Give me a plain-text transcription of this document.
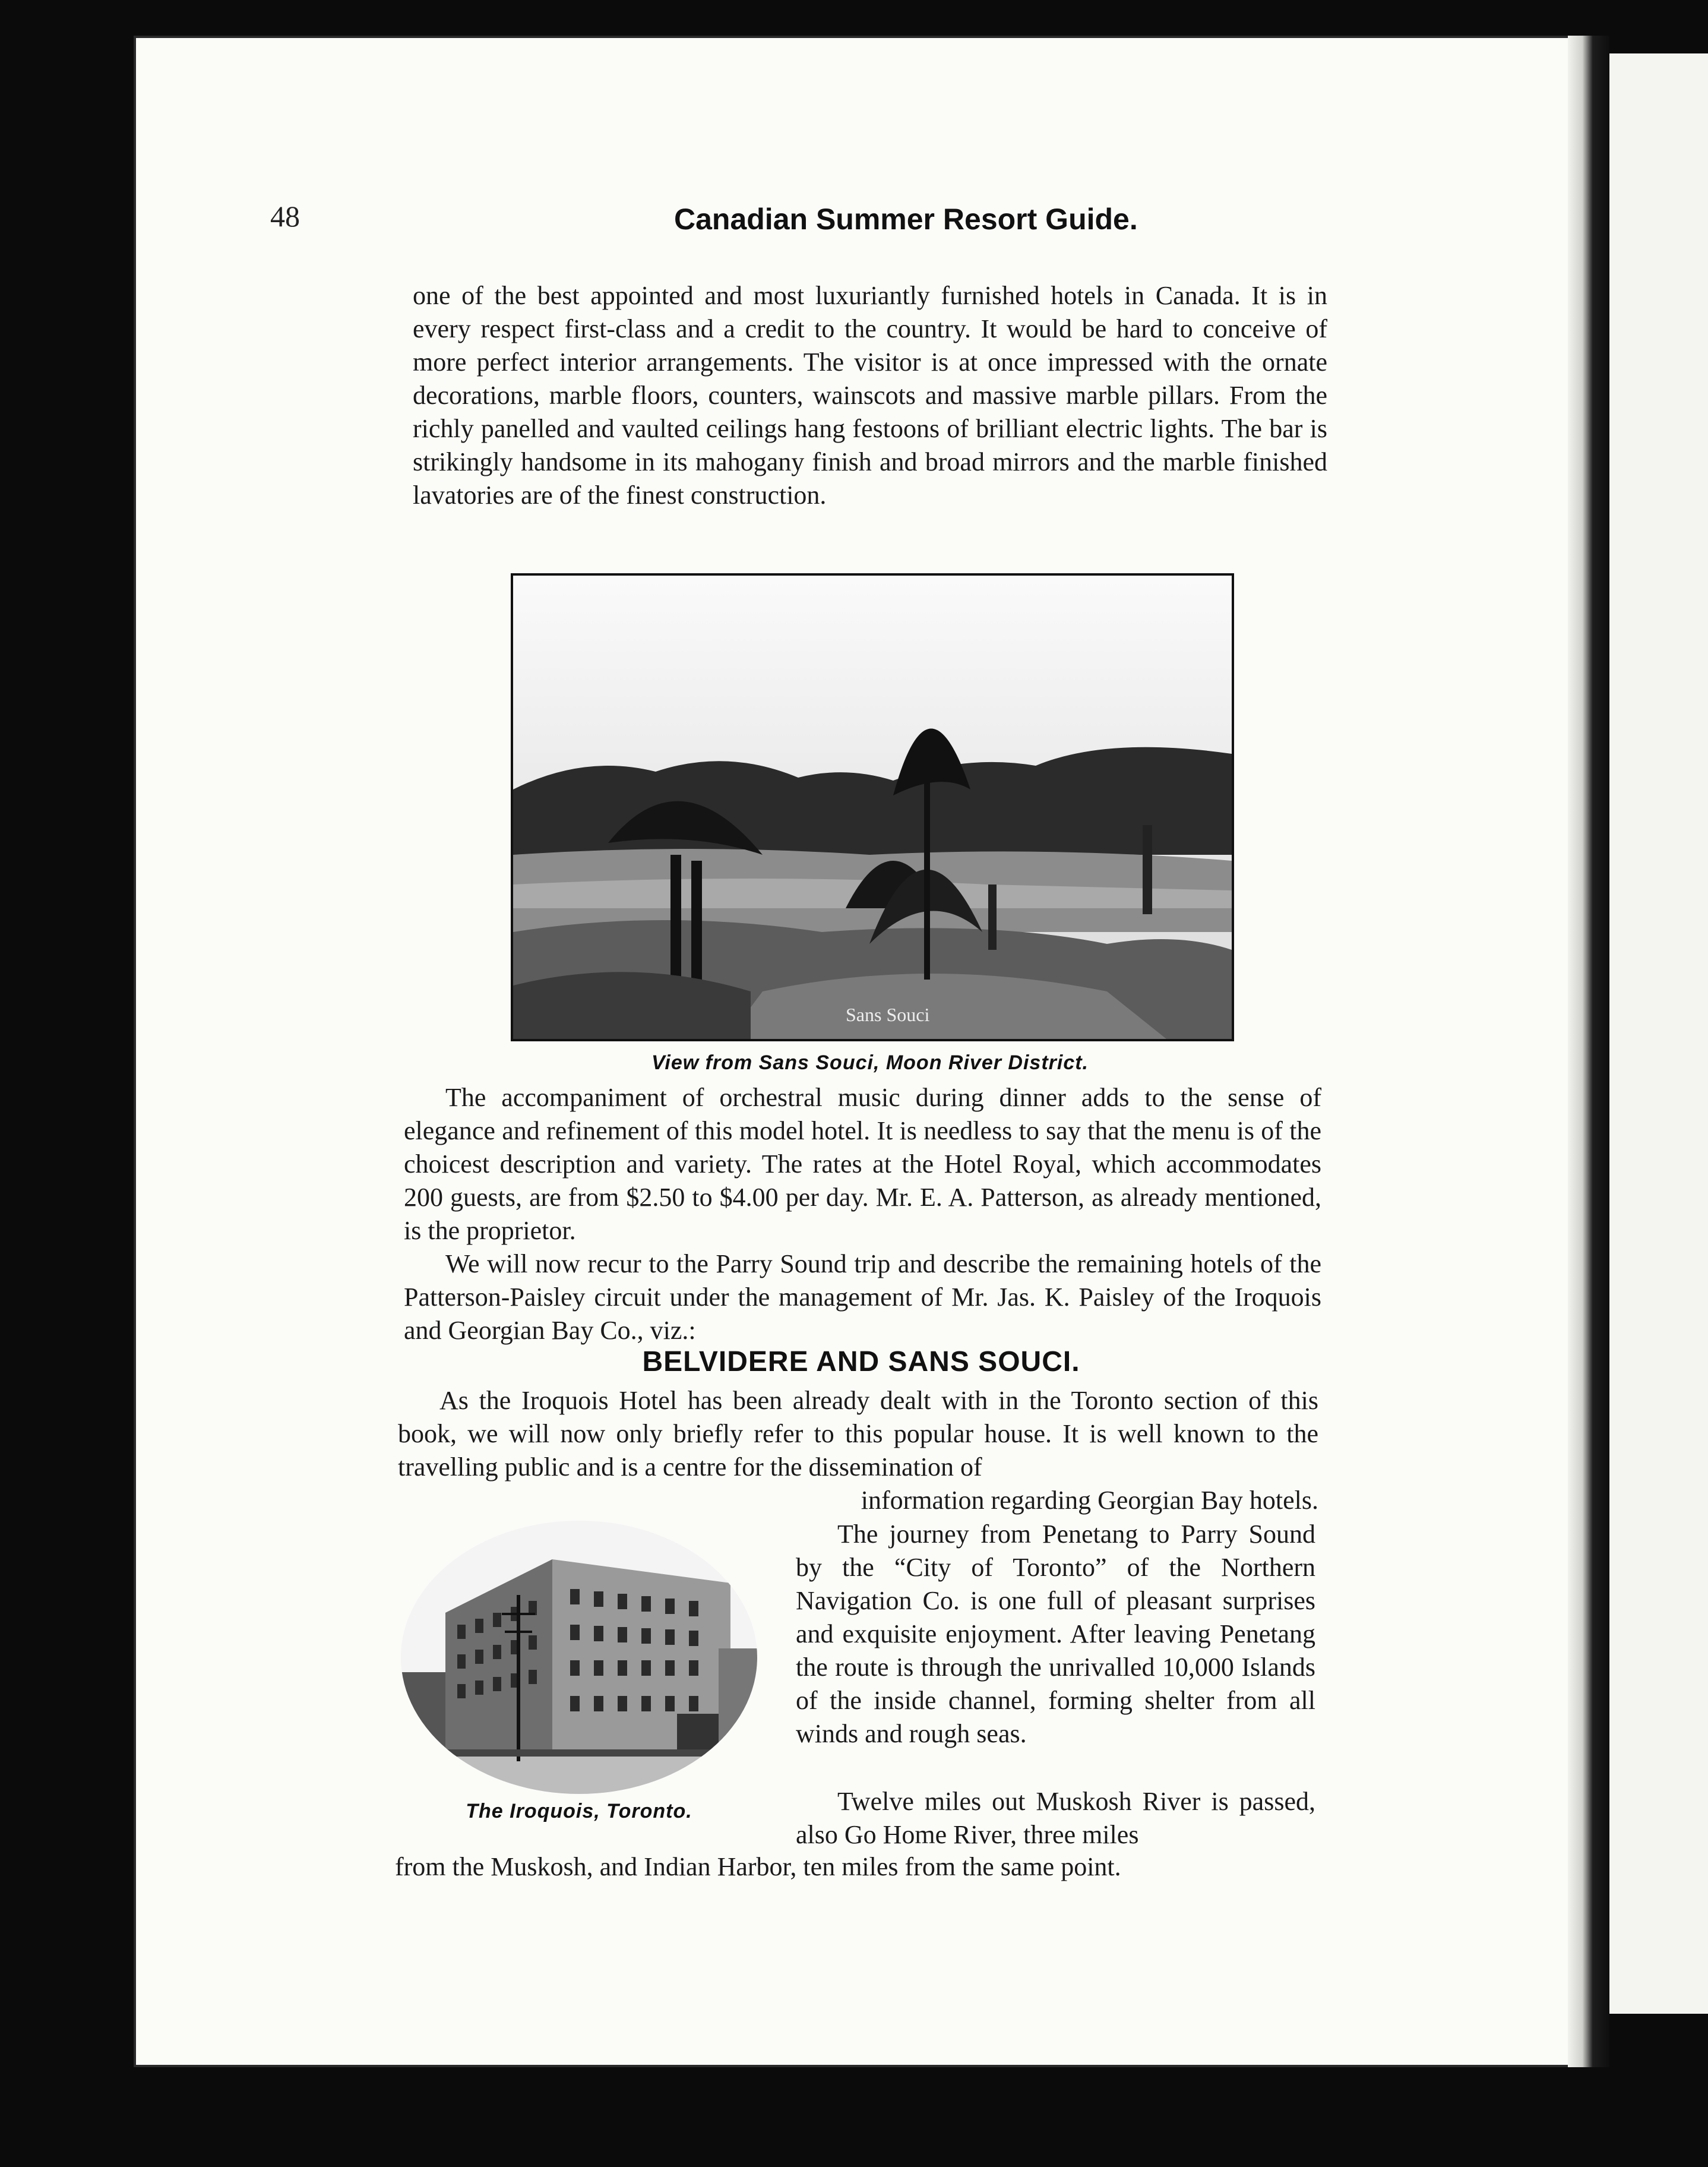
48	Canadian Summer Resort Guide.

one of the best appointed and most luxuriantly furnished hotels in Canada. It is in every respect first-class and a credit to the country. It would be hard to conceive of more perfect interior arrangements. The visitor is at once impressed with the ornate decorations, marble floors, counters, wainscots and massive marble pillars. From the richly panelled and vaulted ceilings hang festoons of brilliant electric lights. The bar is strikingly handsome in its mahogany finish and broad mirrors and the marble finished lavatories are of the finest construction.

Sans Souci
View from Sans Souci, Moon River District.

The accompaniment of orchestral music during dinner adds to the sense of elegance and refinement of this model hotel. It is needless to say that the menu is of the choicest description and variety. The rates at the Hotel Royal, which accommodates 200 guests, are from $2.50 to $4.00 per day. Mr. E. A. Patterson, as already mentioned, is the proprietor.

We will now recur to the Parry Sound trip and describe the remaining hotels of the Patterson-Paisley circuit under the management of Mr. Jas. K. Paisley of the Iroquois and Georgian Bay Co., viz.:

BELVIDERE AND SANS SOUCI.

As the Iroquois Hotel has been already dealt with in the Toronto section of this book, we will now only briefly refer to this popular house. It is well known to the travelling public and is a centre for the dissemination of

information regarding Georgian Bay hotels.

The Iroquois, Toronto.

The journey from Penetang to Parry Sound by the “City of Toronto” of the Northern Navigation Co. is one full of pleasant surprises and exquisite enjoyment. After leaving Penetang the route is through the unrivalled 10,000 Islands of the inside channel, forming shelter from all winds and rough seas.

Twelve miles out Muskosh River is passed, also Go Home River, three miles

from the Muskosh, and Indian Harbor, ten miles from the same point.
